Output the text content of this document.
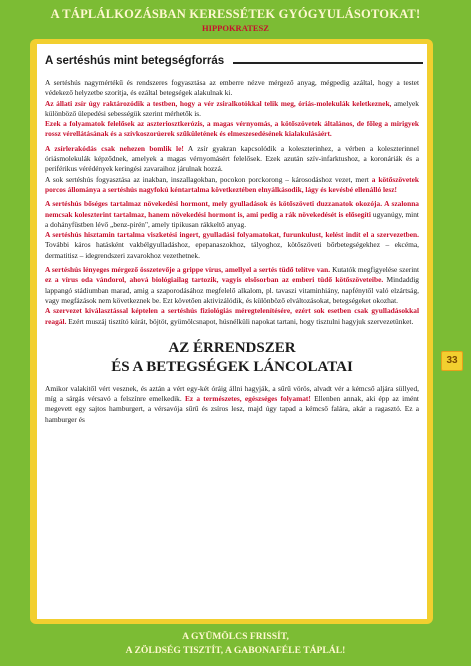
A TÁPLÁLKOZÁSBAN KERESSÉTEK GYÓGYULÁSOTOKAT!
HIPPOKRATESZ
A sertéshús mint betegségforrás

A sertéshús nagymértékű és rendszeres fogyasztása az emberre nézve mérgező anyag, mégpedig azáltal, hogy a testet védekező helyzetbe szorítja, és ezáltal betegségek alakulnak ki.

Az állati zsír úgy raktározódik a testben, hogy a vér zsiralkotókkal telik meg, óriás-molekulák keletkeznek, amelyek különböző ülepedési sebességük szerint mérhetők is.

Ezek a folyamatok felelősek az aszteriosztkerózis, a magas vérnyomás, a kötőszövetek általános, de főleg a mirigyek rossz vérellátásának és a szívkoszorúerek szűkületének és elmeszesedésének kialakulásáért.

A zsírlerakódás csak nehezen bomlik le! A zsír gyakran kapcsolódik a koleszterinhez, a vérben a koleszterinnel óriásmolekulák képződnek, amelyek a magas vérnyomásért felelősek. Ezek azután szív-infarktushoz, a koronáriák és a periférikus vérédények keringési zavaraihoz járulnak hozzá.

A sok sertéshús fogyasztása az inakban, inszallagokban, pocokon porckorong – károsodáshoz vezet, mert a kötőszövetek porcos állománya a sertéshús nagyfokú kéntartalma következtében elnyálkásodik, lágy és kevésbé ellenálló lesz!

A sertéshús bőséges tartalmaz növekedési hormont, mely gyulladások és kötőszöveti duzzanatok okozója. A szalonna nemcsak koleszterint tartalmaz, hanem növekedési hormont is, ami pedig a rák növekedését is elősegíti ugyanúgy, mint a dohányfüstben lévő „benz-pirén", amely tipikusan rákkeltő anyag.

A sertéshús hisztamin tartalma viszketési ingert, gyulladási folyamatokat, furunkulust, kelést indít el a szervezetben. További káros hatásként vakbélgyulladáshoz, epepanaszokhoz, tályoghoz, kötőszöveti bőrbetegségekhez – ekcéma, dermatitisz – idegrendszeri zavarokhoz vezethetnek.

A sertéshús lényeges mérgező összetevője a grippe vírus, amellyel a sertés tüdő telítve van. Kutatók megfigyelése szerint ez a vírus oda vándorol, ahová biológiailag tartozik, vagyis elsősorban az emberi tüdő kötőszöveteibe. Mindaddig lappangó stádiumban marad, amig a szaporodásához megfelelő alkalom, pl. tavaszi vitaminhiány, napfénytől való elzártság, vagy megfázások nem következnek be. Ezt követően aktivizálódik, és különböző elváltozásokat, betegségeket okozhat.

A szervezet kiválasztással képtelen a sertéshús fiziológiás méregtelenítésére, ezért sok esetben csak gyulladásokkal reagál. Ezért muszáj tisztító kúrát, böjtöt, gyümölcsnapot, húsnélküli napokat tartani, hogy tisztulni hagyjuk szervezetünket.

AZ ÉRRENDSZER
ÉS A BETEGSÉGEK LÁNCOLATAI

Amikor valakitől vért vesznek, és aztán a vért egy-két óráig állni hagyják, a sűrű vörös, alvadt vér a kémcső aljára süllyed, míg a sárgás vérsavó a felszínre emelkedik. Ez a természetes, egészséges folyamat! Ellenben annak, aki épp az imént megevett egy sajtos hamburgert, a vérsavója sűrű és zsíros lesz, majd úgy tapad a kémcső falára, akár a ragasztó. Ez a hamburger és

33
A GYÜMÖLCS FRISSÍT,
A ZÖLDSÉG TISZTÍT, A GABONAFÉLE TÁPLÁL!
